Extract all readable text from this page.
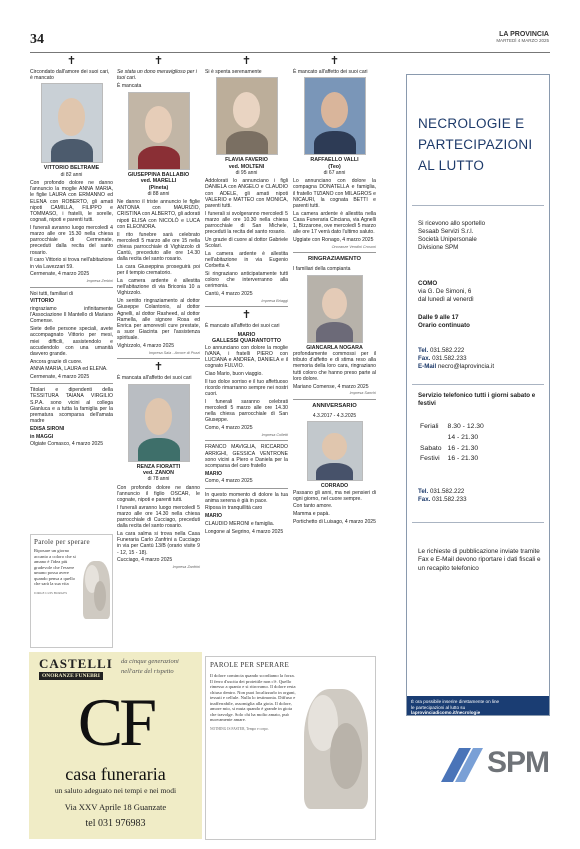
34	LA PROVINCIA
MARTEDÌ 4 MARZO 2025
✝
Circondato dall'amore dei suoi cari, è mancato
VITTORIO BELTRAME
di 82 anni

Con profondo dolore ne danno l'annuncio la moglie ANNA MARIA, le figlie LAURA con ERMANNO ed ELENA con ROBERTO, gli amati nipoti CAMILLA, FILIPPO e TOMMASO, i fratelli, le sorelle, cognati, nipoti e parenti tutti.

I funerali avranno luogo mercoledì 4 marzo alle ore 15.30 nella chiesa parrocchiale di Cermenate, preceduti dalla recita del santo rosario.

Il caro Vittorio si trova nell'abitazione in via Lavezzari 59.

Cermenate, 4 marzo 2025

Impresa Zerbini

Noi tutti, familiari di

VITTORIO

ringraziamo infinitamente l'Associazione Il Mantello di Mariano Comense.

Siete delle persone speciali, avete accompagnato Vittorio per mesi, miei difficili, assistendolo e accudendolo con una umanità davvero grande.

Ancora grazie di cuore.

ANNA MARIA, LAURA ed ELENA.

Cermenate, 4 marzo 2025

Titolari e dipendenti della TESSITURA TAIANA VIRGILIO S.P.A. sono vicini al collega Gianluca e a tutta la famiglia per la prematura scomparsa dell'amata madre

EDISA SIRONI

in MAGGI

Olgiate Comasco, 4 marzo 2025

Parole per sperare
Riposare un giorno accanto a coloro che si amano è l'idea più gradevole che l'essere umano possa avere quando pensa a quello che sarà la sua vita
JORGE LUIS BORGES
✝
Se stata un dono meraviglioso per i tuoi cari.
È mancata
GIUSEPPINA BALLABIO
ved. MARELLI
(Pineta)
di 88 anni

Ne danno il triste annuncio le figlie ANTONIA con MAURIZIO, CRISTINA con ALBERTO, gli adorati nipoti ELISA con NICOLÒ e LUCA con ELEONORA.

Il rito funebre sarà celebrato mercoledì 5 marzo alle ore 15 nella chiesa parrocchiale di Vighizzolo di Cantù, preceduto alle ore 14.30 dalla recita del santo rosario.

La cara Giuseppina proseguirà poi per il tempio crematorio.

La camera ardente è allestita nell'abitazione di via Briconia 10 a Vighizzolo.

Un sentito ringraziamento al dottor Giuseppe Colantonio, al dottor Agnelli, al dottor Rasheed, al dottor Ramella, alle signore Rosa ed Enrica per amorevoli cure prestate, a suor Giacinta per l'assistenza spirituale.

Vighizzolo, 4 marzo 2025

Impresa Sala - Arcore di Pozzi
✝
È mancata all'affetto dei suoi cari
RENZA FIORATTI
ved. ZANON
di 78 anni

Con profondo dolore ne danno l'annuncio il figlio OSCAR, le cognate, nipoti e parenti tutti.

I funerali avranno luogo mercoledì 5 marzo alle ore 14.30 nella chiesa parrocchiale di Cucciago, preceduti dalla recita del santo rosario.

La cara salma si trova nella Casa Funeraria Carlo Zanfrini a Cucciago in via per Cantù 13/B (orario visite 9 - 12, 15 - 18).

Cucciago, 4 marzo 2025

Impresa Zanfrini
✝
Si è spenta serenamente
FLAVIA FAVERIO
ved. MOLTENI
di 95 anni

Addolorati lo annunciano i figli DANIELA con ANGELO e CLAUDIO con ADELE, gli amati nipoti VALERIO e MATTEO con MONICA, parenti tutti.

I funerali si svolgeranno mercoledì 5 marzo alle ore 10.30 nella chiesa parrocchiale di San Michele, preceduti la recita del santo rosario.

Un grazie di cuore al dottor Gabriele Scolari.

La camera ardente è allestita nell'abitazione in via Eugenio Corbetta 4.

Si ringraziano anticipatamente tutti coloro che interverranno alla cerimonia.

Cantù, 4 marzo 2025

Impresa Briaggi
✝
È mancato all'affetto dei suoi cari
MARIO
GALLESSI QUARANTOTTO

Lo annunciano con dolore la moglie IVANA, i fratelli PIERO con LUCIANA e ANDREA, DANIELA e il cognato FULVIO.

Ciao Mario, buon viaggio.

Il tuo dolce sorriso e il tuo affettuoso ricordo rimarranno sempre nei nostri cuori.

I funerali saranno celebrati mercoledì 5 marzo alle ore 14.30 nella chiesa parrocchiale di San Giuseppe.

Como, 4 marzo 2025

Impresa Colletti

FRANCO MAVIGLIA, RICCARDO ARRIGHI, GESSICA VENTRONE sono vicini a Piero e Daniela per la scomparsa del caro fratello

MARIO

Como, 4 marzo 2025

In questo momento di dolore la tua anima serena è già in pace.

Riposa in tranquillità caro

MARIO

CLAUDIO MERONI e famiglia.

Longone al Segrino, 4 marzo 2025

✝
È mancato all'affetto dei suoi cari
RAFFAELLO VALLI
(Teo)
di 67 anni

Lo annunciano con dolore la compagna DONATELLA e famiglia, il fratello TIZIANO con MILAGROS e NICAURI, la cognata BETTI e parenti tutti.

La camera ardente è allestita nella Casa Funeraria Cinciana, via Agnelli 1, Bizzarone, ove mercoledì 5 marzo alle ore 17 verrà dato l'ultimo saluto.

Uggiate con Ronago, 4 marzo 2025

Onoranze Vendini Crosoni
RINGRAZIAMENTO
I familiari della compianta
GIANCARLA NOGARA

profondamente commossi per il tributo d'affetto e di stima reso alla memoria della loro cara, ringraziano tutti coloro che hanno preso parte al loro dolore.

Mariano Comense, 4 marzo 2025

Impresa Sanchi
ANNIVERSARIO
4.3.2017 - 4.3.2025
CORRADO

Passano gli anni, ma nei pensieri di ogni giorno, nel cuore sempre.

Con tanto amore.

Mamma e papà.

Portichetto di Luisago, 4 marzo 2025

PAROLE PER SPERARE
Il dolore comincia quando scordiamo la forza. Il ferro d'uscita dei proiettile non c'è. Quello rimesso a quanto e si ritrovamo. Il dolore resta chiuso dentro. Non puoi localizzarlo in organi, tessuti e cellule. Nulla lo testimonia. Diffuso e inafferrabile, assomiglia alla gioia. Il dolore, amore mio, si muta quando è grande in gioia che travolge. Solo chi ha molto amato, può nuovamente amare.
NOTHING IS FASTER, Tempo e corpo.
CASTELLI
ONORANZE FUNEBRI
da cinque generazioni
nell'arte del rispetto
CF
casa funeraria
un saluto adeguato nei tempi e nei modi
Via XXV Aprile 18 Guanzate
tel 031 976983
NECROLOGIE E
PARTECIPAZIONI
AL LUTTO
Si ricevono allo sportello
Sesaab Servizi S.r.l.
Società Unipersonale
Divisione SPM
COMO
via G. De Simoni, 6
dal lunedì al venerdì
Dalle 9 alle 17
Orario continuato
Tel. 031.582.222
Fax. 031.582.233
E-Mail necro@laprovincia.it
Servizio telefonico tutti i giorni sabato e festivi
Feriali	8.30 - 12.30
	14 - 21.30
Sabato	16 - 21.30
Festivi	16 - 21.30
Tel. 031.582.222
Fax. 031.582.233
Le richieste di pubblicazione inviate tramite Fax e E-Mail devono riportare i dati fiscali e un recapito telefonico
È ora possibile inserire direttamente on line
le partecipazioni al lutto su
laprovinciadicomo.it/necrologie
SPM
